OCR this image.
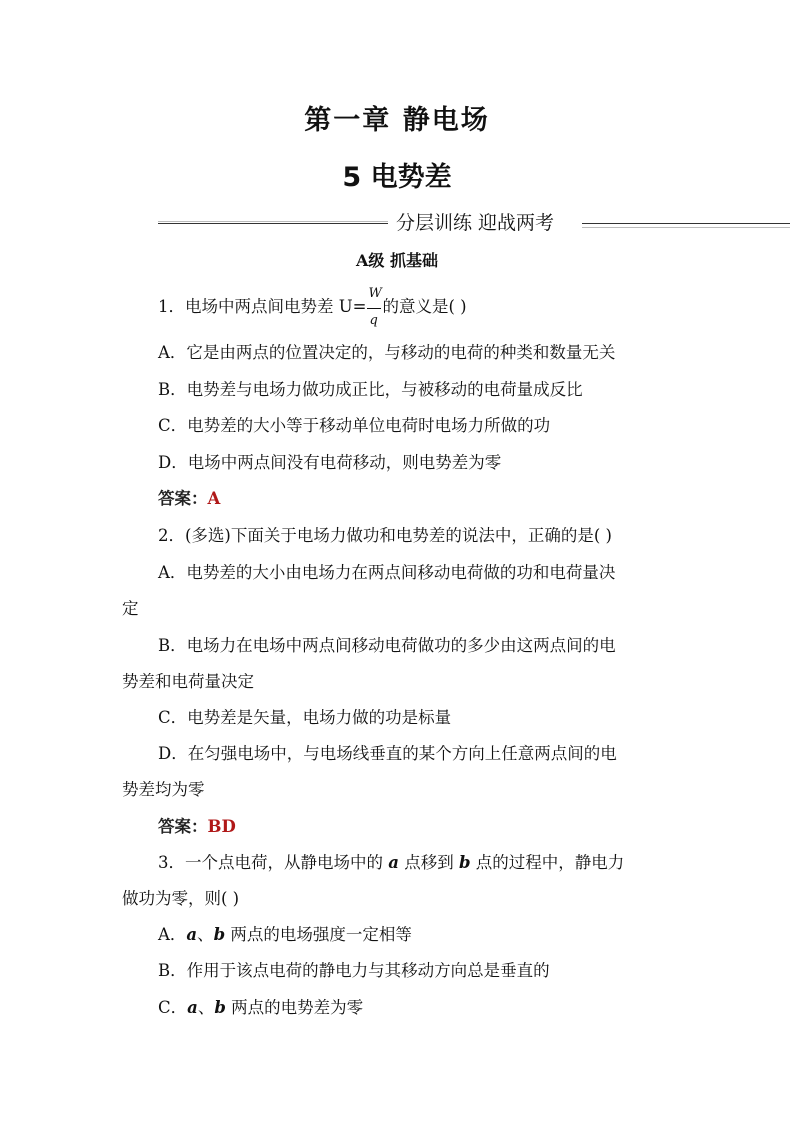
第一章 静电场
5 电势差
分层训练 迎战两考
A级 抓基础
1．电场中两点间电势差 $U= \frac{W}{q}$ 的意义是( )
A．它是由两点的位置决定的，与移动的电荷的种类和数量无关
B．电势差与电场力做功成正比，与被移动的电荷量成反比
C．电势差的大小等于移动单位电荷时电场力所做的功
D．电场中两点间没有电荷移动，则电势差为零
答案：A
2．(多选)下面关于电场力做功和电势差的说法中，正确的是( )
A．电势差的大小由电场力在两点间移动电荷做的功和电荷量决
定
B．电场力在电场中两点间移动电荷做功的多少由这两点间的电
势差和电荷量决定
C．电势差是矢量，电场力做的功是标量
D．在匀强电场中，与电场线垂直的某个方向上任意两点间的电
势差均为零
答案：BD
3．一个点电荷，从静电场中的 a 点移到 b 点的过程中，静电力
做功为零，则( )
A．a、b 两点的电场强度一定相等
B．作用于该点电荷的静电力与其移动方向总是垂直的
C．a、b 两点的电势差为零
